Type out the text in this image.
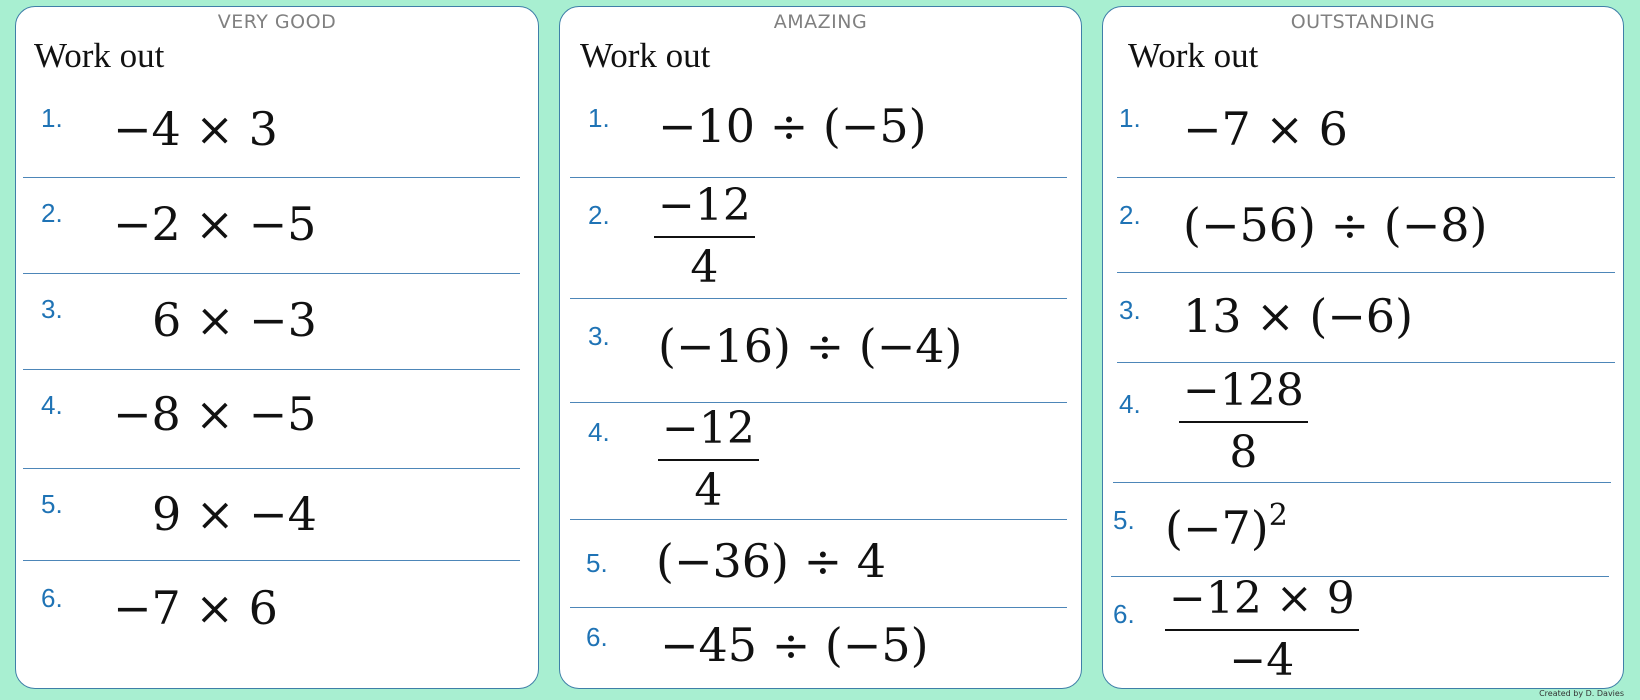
VERY GOOD
Work out
1. −4 × 3
2. −2 × −5
3. 6 × −3
4. −8 × −5
5. 9 × −4
6. −7 × 6
AMAZING
Work out
1. −10 ÷ (−5)
2. $\frac{-12}{4}$
3. (−16) ÷ (−4)
4. $\frac{-12}{4}$
5. (−36) ÷ 4
6. −45 ÷ (−5)
OUTSTANDING
Work out
1. −7 × 6
2. (−56) ÷ (−8)
3. 13 × (−6)
4. $\frac{-128}{8}$
5. $(-7)^2$
6. $\frac{-12 \times 9}{-4}$
Created by D. Davies
